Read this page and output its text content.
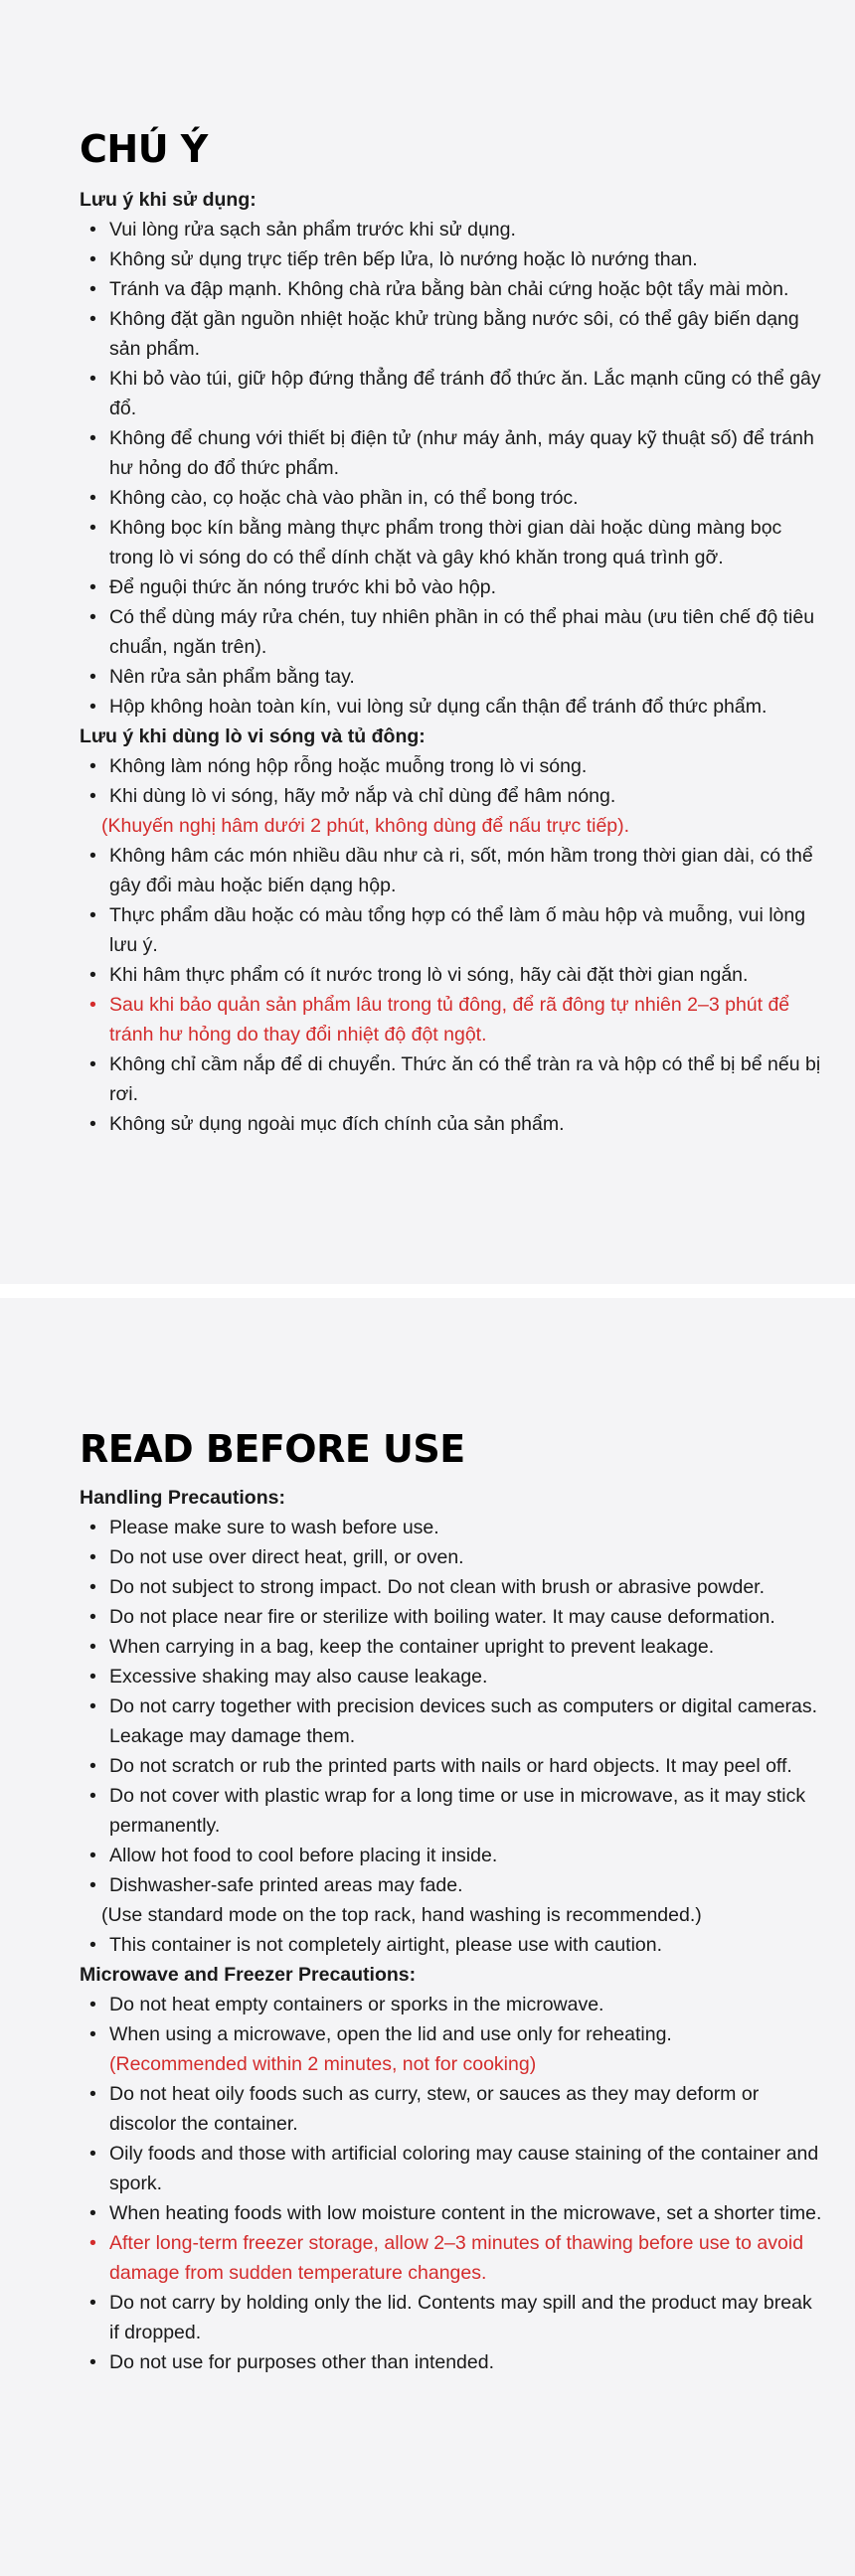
CHÚ Ý
Lưu ý khi sử dụng:
• Vui lòng rửa sạch sản phẩm trước khi sử dụng.
• Không sử dụng trực tiếp trên bếp lửa, lò nướng hoặc lò nướng than.
• Tránh va đập mạnh. Không chà rửa bằng bàn chải cứng hoặc bột tẩy mài mòn.
• Không đặt gần nguồn nhiệt hoặc khử trùng bằng nước sôi, có thể gây biến dạng sản phẩm.
• Khi bỏ vào túi, giữ hộp đứng thẳng để tránh đổ thức ăn. Lắc mạnh cũng có thể gây đổ.
• Không để chung với thiết bị điện tử (như máy ảnh, máy quay kỹ thuật số) để tránh hư hỏng do đổ thức phẩm.
• Không cào, cọ hoặc chà vào phần in, có thể bong tróc.
• Không bọc kín bằng màng thực phẩm trong thời gian dài hoặc dùng màng bọc trong lò vi sóng do có thể dính chặt và gây khó khăn trong quá trình gỡ.
• Để nguội thức ăn nóng trước khi bỏ vào hộp.
• Có thể dùng máy rửa chén, tuy nhiên phần in có thể phai màu (ưu tiên chế độ tiêu chuẩn, ngăn trên).
• Nên rửa sản phẩm bằng tay.
• Hộp không hoàn toàn kín, vui lòng sử dụng cẩn thận để tránh đổ thức phẩm.
Lưu ý khi dùng lò vi sóng và tủ đông:
• Không làm nóng hộp rỗng hoặc muỗng trong lò vi sóng.
• Khi dùng lò vi sóng, hãy mở nắp và chỉ dùng để hâm nóng.
(Khuyến nghị hâm dưới 2 phút, không dùng để nấu trực tiếp).
• Không hâm các món nhiều dầu như cà ri, sốt, món hầm trong thời gian dài, có thể gây đổi màu hoặc biến dạng hộp.
• Thực phẩm dầu hoặc có màu tổng hợp có thể làm ố màu hộp và muỗng, vui lòng lưu ý.
• Khi hâm thực phẩm có ít nước trong lò vi sóng, hãy cài đặt thời gian ngắn.
• Sau khi bảo quản sản phẩm lâu trong tủ đông, để rã đông tự nhiên 2–3 phút để tránh hư hỏng do thay đổi nhiệt độ đột ngột.
• Không chỉ cầm nắp để di chuyển. Thức ăn có thể tràn ra và hộp có thể bị bể nếu bị rơi.
• Không sử dụng ngoài mục đích chính của sản phẩm.
READ BEFORE USE
Handling Precautions:
• Please make sure to wash before use.
• Do not use over direct heat, grill, or oven.
• Do not subject to strong impact. Do not clean with brush or abrasive powder.
• Do not place near fire or sterilize with boiling water. It may cause deformation.
• When carrying in a bag, keep the container upright to prevent leakage.
• Excessive shaking may also cause leakage.
• Do not carry together with precision devices such as computers or digital cameras. Leakage may damage them.
• Do not scratch or rub the printed parts with nails or hard objects. It may peel off.
• Do not cover with plastic wrap for a long time or use in microwave, as it may stick permanently.
• Allow hot food to cool before placing it inside.
• Dishwasher-safe printed areas may fade.
(Use standard mode on the top rack, hand washing is recommended.)
• This container is not completely airtight, please use with caution.
Microwave and Freezer Precautions:
• Do not heat empty containers or sporks in the microwave.
• When using a microwave, open the lid and use only for reheating.
(Recommended within 2 minutes, not for cooking)
• Do not heat oily foods such as curry, stew, or sauces as they may deform or discolor the container.
• Oily foods and those with artificial coloring may cause staining of the container and spork.
• When heating foods with low moisture content in the microwave, set a shorter time.
• After long-term freezer storage, allow 2–3 minutes of thawing before use to avoid damage from sudden temperature changes.
• Do not carry by holding only the lid. Contents may spill and the product may break if dropped.
• Do not use for purposes other than intended.
